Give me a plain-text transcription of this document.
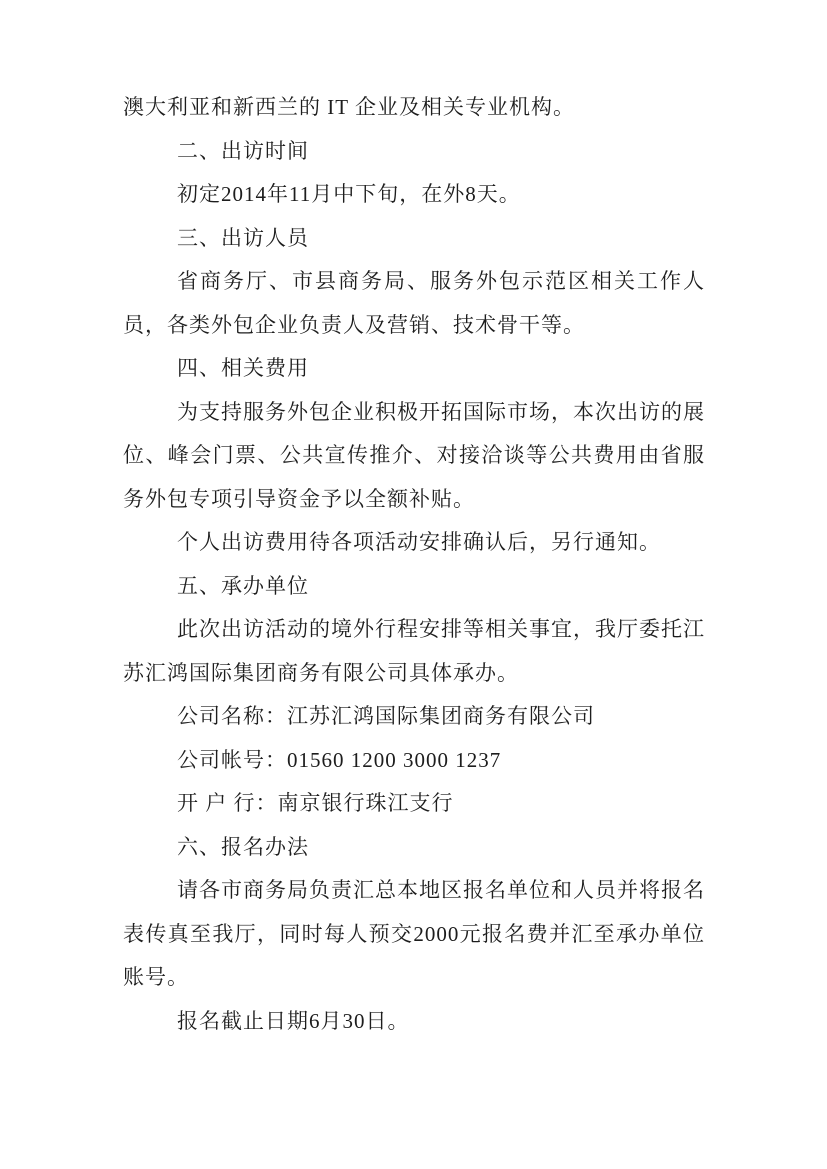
澳大利亚和新西兰的 IT 企业及相关专业机构。

二、出访时间

初定2014年11月中下旬，在外8天。

三、出访人员

省商务厅、市县商务局、服务外包示范区相关工作人员，各类外包企业负责人及营销、技术骨干等。

四、相关费用

为支持服务外包企业积极开拓国际市场，本次出访的展位、峰会门票、公共宣传推介、对接洽谈等公共费用由省服务外包专项引导资金予以全额补贴。

个人出访费用待各项活动安排确认后，另行通知。

五、承办单位

此次出访活动的境外行程安排等相关事宜，我厅委托江苏汇鸿国际集团商务有限公司具体承办。

公司名称：江苏汇鸿国际集团商务有限公司

公司帐号：01560 1200 3000 1237

开 户 行：南京银行珠江支行

六、报名办法

请各市商务局负责汇总本地区报名单位和人员并将报名表传真至我厅，同时每人预交2000元报名费并汇至承办单位账号。

报名截止日期6月30日。
